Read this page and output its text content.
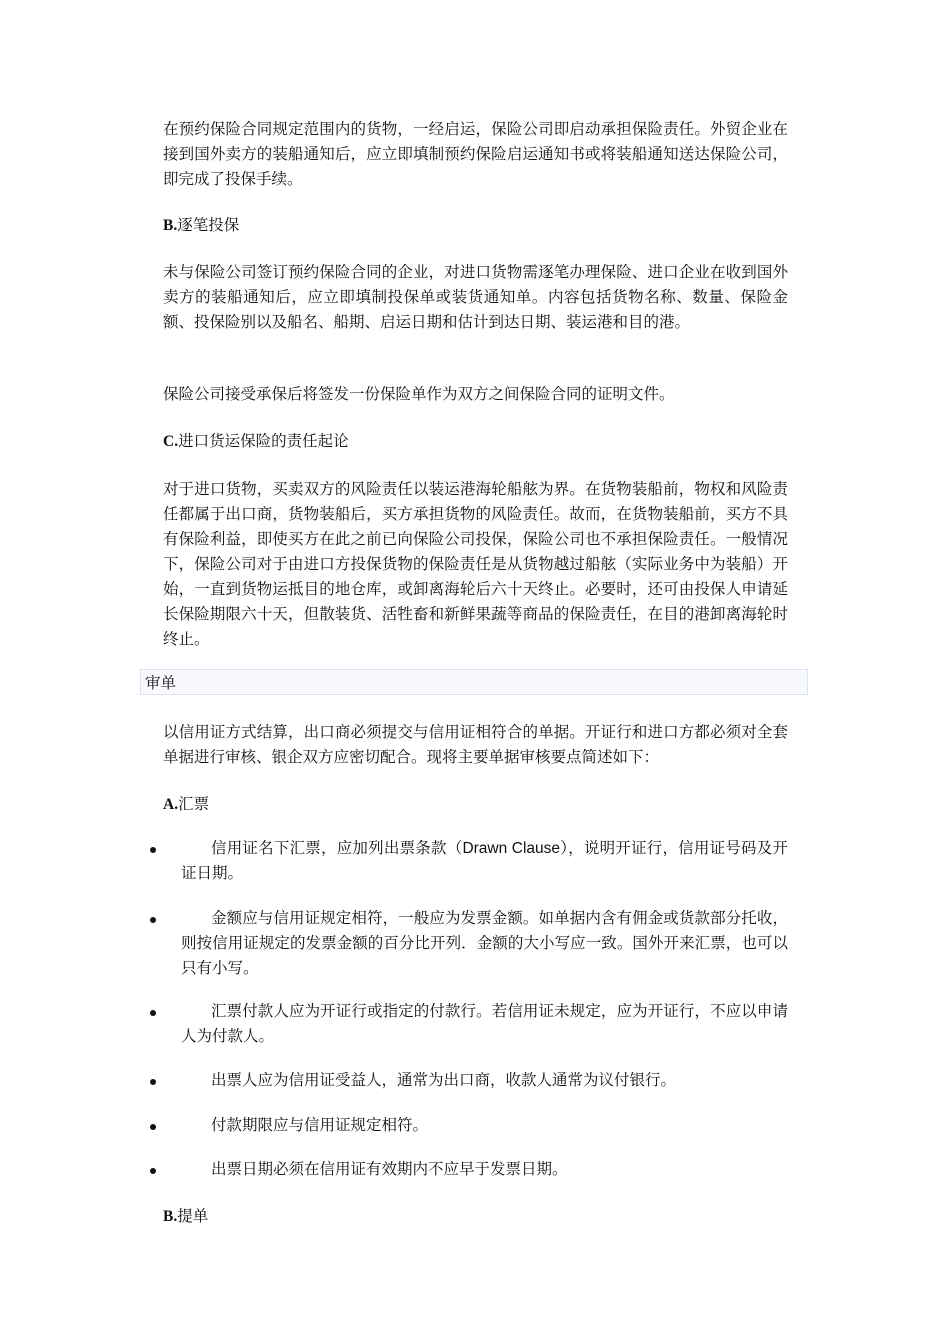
在预约保险合同规定范围内的货物，一经启运，保险公司即启动承担保险责任。外贸企业在接到国外卖方的装船通知后，应立即填制预约保险启运通知书或将装船通知送达保险公司，即完成了投保手续。

B.逐笔投保

未与保险公司签订预约保险合同的企业，对进口货物需逐笔办理保险、进口企业在收到国外卖方的装船通知后，应立即填制投保单或装货通知单。内容包括货物名称、数量、保险金额、投保险别以及船名、船期、启运日期和估计到达日期、装运港和目的港。

保险公司接受承保后将签发一份保险单作为双方之间保险合同的证明文件。

C.进口货运保险的责任起论

对于进口货物，买卖双方的风险责任以装运港海轮船舷为界。在货物装船前，物权和风险责任都属于出口商，货物装船后，买方承担货物的风险责任。故而，在货物装船前，买方不具有保险利益，即使买方在此之前已向保险公司投保，保险公司也不承担保险责任。一般情况下，保险公司对于由进口方投保货物的保险责任是从货物越过船舷（实际业务中为装船）开始，一直到货物运抵目的地仓库，或卸离海轮后六十天终止。必要时，还可由投保人申请延长保险期限六十天，但散装货、活牲畜和新鲜果蔬等商品的保险责任，在目的港卸离海轮时终止。

审单

以信用证方式结算，出口商必须提交与信用证相符合的单据。开证行和进口方都必须对全套单据进行审核、银企双方应密切配合。现将主要单据审核要点简述如下：

A.汇票

信用证名下汇票，应加列出票条款（Drawn Clause），说明开证行，信用证号码及开证日期。

金额应与信用证规定相符，一般应为发票金额。如单据内含有佣金或货款部分托收，则按信用证规定的发票金额的百分比开列．金额的大小写应一致。国外开来汇票，也可以只有小写。

汇票付款人应为开证行或指定的付款行。若信用证未规定，应为开证行，不应以申请人为付款人。

出票人应为信用证受益人，通常为出口商，收款人通常为议付银行。

付款期限应与信用证规定相符。

出票日期必须在信用证有效期内不应早于发票日期。

B.提单
